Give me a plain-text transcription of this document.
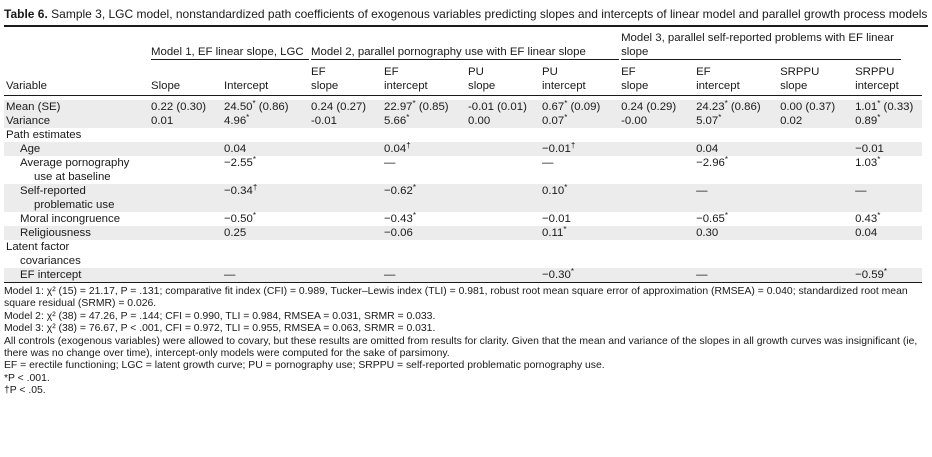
Table 6. Sample 3, LGC model, nonstandardized path coefficients of exogenous variables predicting slopes and intercepts of linear model and parallel growth process models

	Model 1, EF linear slope, LGC		Model 2, parallel pornography use with EF linear slope				Model 3, parallel self-reported problems with EF linear slope			

Variable	Slope	Intercept	EF slope	EF intercept	PU slope	PU intercept	EF slope	EF intercept	SRPPU slope	SRPPU intercept

Mean (SE)	0.22 (0.30)	24.50* (0.86)	0.24 (0.27)	22.97* (0.85)	-0.01 (0.01)	0.67* (0.09)	0.24 (0.29)	24.23* (0.86)	0.00 (0.37)	1.01* (0.33)
Variance	0.01	4.96*	-0.01	5.66*	0.00	0.07*	-0.00	5.07*	0.02	0.89*
Path estimates										
Age		0.04		0.04†		−0.01†		0.04		−0.01
Average pornography
use at baseline		−2.55*		—		—		−2.96*		1.03*
Self-reported
problematic use		−0.34†		−0.62*		0.10*		—		—
Moral incongruence		−0.50*		−0.43*		−0.01		−0.65*		0.43*
Religiousness		0.25		−0.06		0.11*		0.30		0.04
Latent factor
covariances										
EF intercept		—		—		−0.30*		—		−0.59*
Model 1: χ² (15) = 21.17, P = .131; comparative fit index (CFI) = 0.989, Tucker–Lewis index (TLI) = 0.981, robust root mean square error of approximation (RMSEA) = 0.040; standardized root mean square residual (SRMR) = 0.026.
Model 2: χ² (38) = 47.26, P = .144; CFI = 0.990, TLI = 0.984, RMSEA = 0.031, SRMR = 0.033.
Model 3: χ² (38) = 76.67, P < .001, CFI = 0.972, TLI = 0.955, RMSEA = 0.063, SRMR = 0.031.
All controls (exogenous variables) were allowed to covary, but these results are omitted from results for clarity. Given that the mean and variance of the slopes in all growth curves was insignificant (ie, there was no change over time), intercept-only models were computed for the sake of parsimony.
EF = erectile functioning; LGC = latent growth curve; PU = pornography use; SRPPU = self-reported problematic pornography use.
*P < .001.
†P < .05.
